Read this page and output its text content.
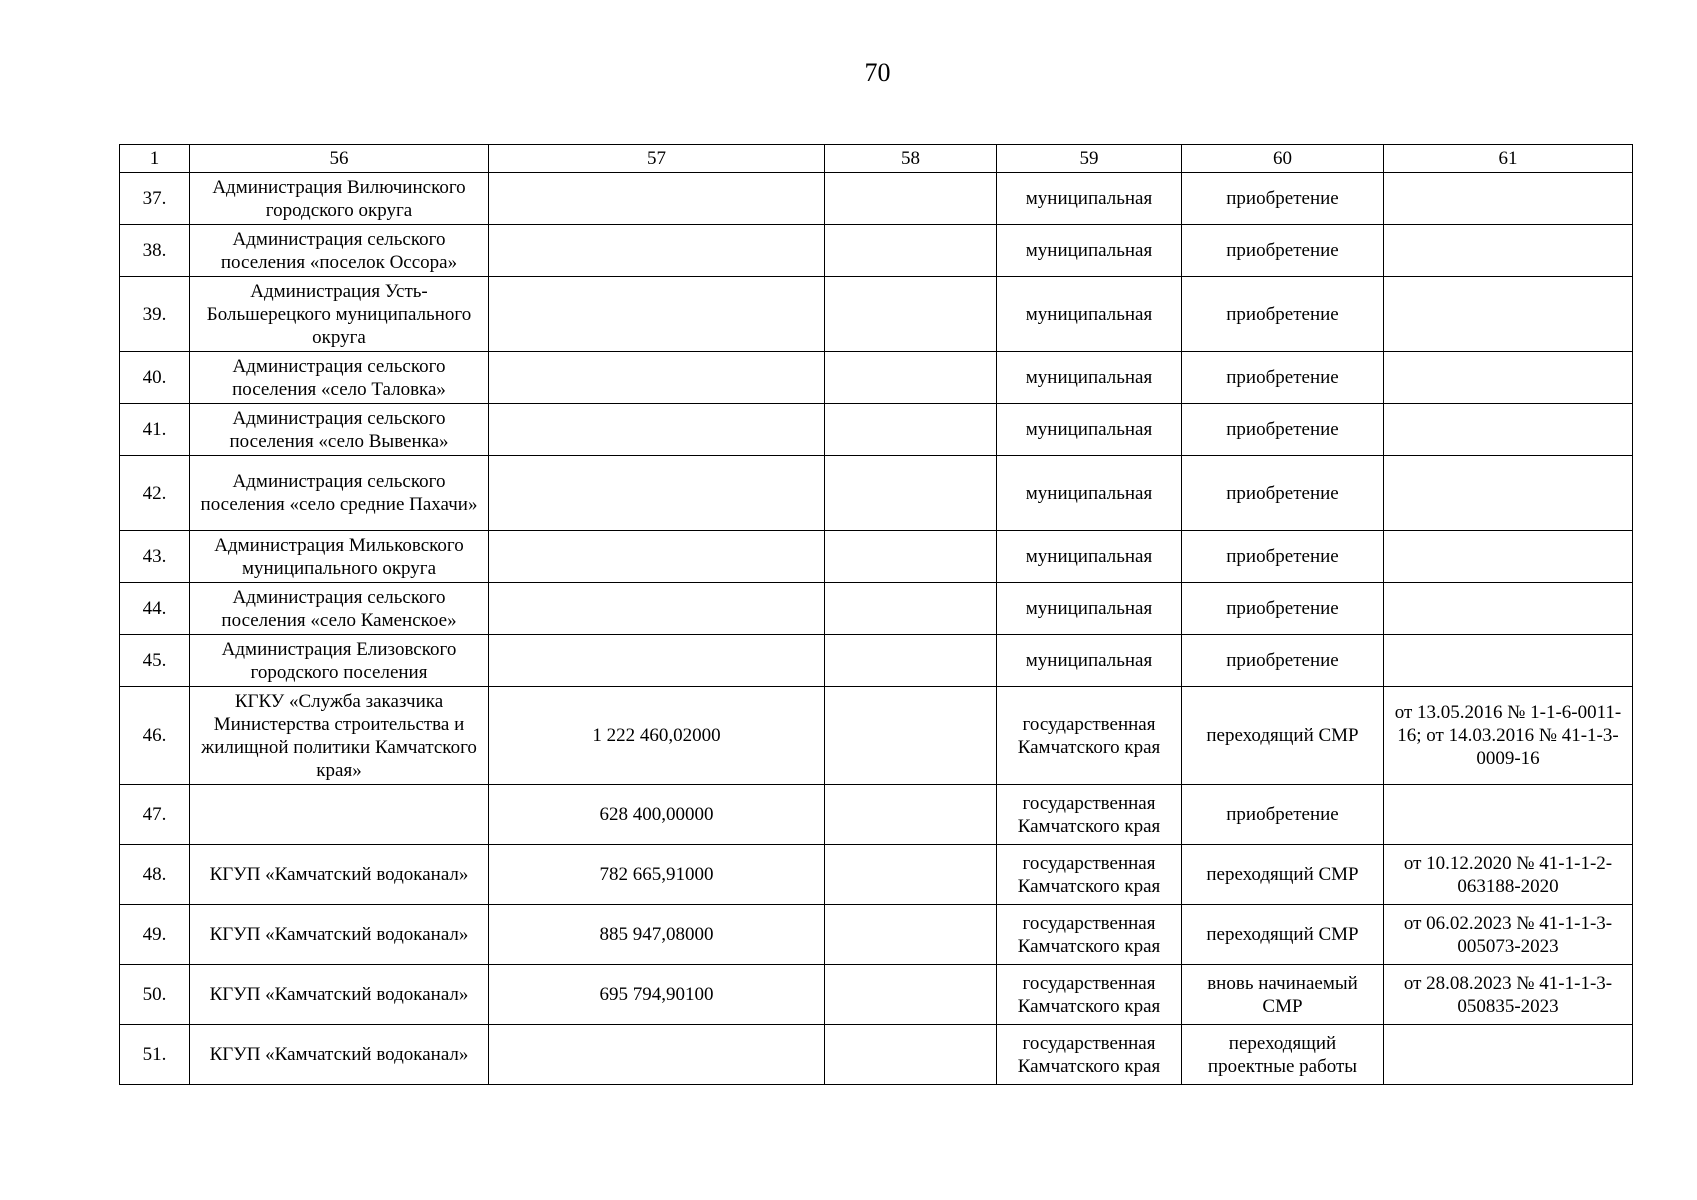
70
1	56	57	58	59	60	61
37.	Администрация Вилючинского городского округа			муниципальная	приобретение	
38.	Администрация сельского поселения «поселок Оссора»			муниципальная	приобретение	
39.	Администрация Усть-Большерецкого муниципального округа			муниципальная	приобретение	
40.	Администрация сельского поселения «село Таловка»			муниципальная	приобретение	
41.	Администрация сельского поселения «село Вывенка»			муниципальная	приобретение	
42.	Администрация сельского поселения «село средние Пахачи»			муниципальная	приобретение	
43.	Администрация Мильковского муниципального округа			муниципальная	приобретение	
44.	Администрация сельского поселения «село Каменское»			муниципальная	приобретение	
45.	Администрация Елизовского городского поселения			муниципальная	приобретение	
46.	КГКУ «Служба заказчика Министерства строительства и жилищной политики Камчатского края»	1 222 460,02000		государственная Камчатского края	переходящий СМР	от 13.05.2016 № 1-1-6-0011-16; от 14.03.2016 № 41-1-3-0009-16
47.		628 400,00000		государственная Камчатского края	приобретение	
48.	КГУП «Камчатский водоканал»	782 665,91000		государственная Камчатского края	переходящий СМР	от 10.12.2020 № 41-1-1-2-063188-2020
49.	КГУП «Камчатский водоканал»	885 947,08000		государственная Камчатского края	переходящий СМР	от 06.02.2023 № 41-1-1-3-005073-2023
50.	КГУП «Камчатский водоканал»	695 794,90100		государственная Камчатского края	вновь начинаемый СМР	от 28.08.2023 № 41-1-1-3-050835-2023
51.	КГУП «Камчатский водоканал»			государственная Камчатского края	переходящий проектные работы	
